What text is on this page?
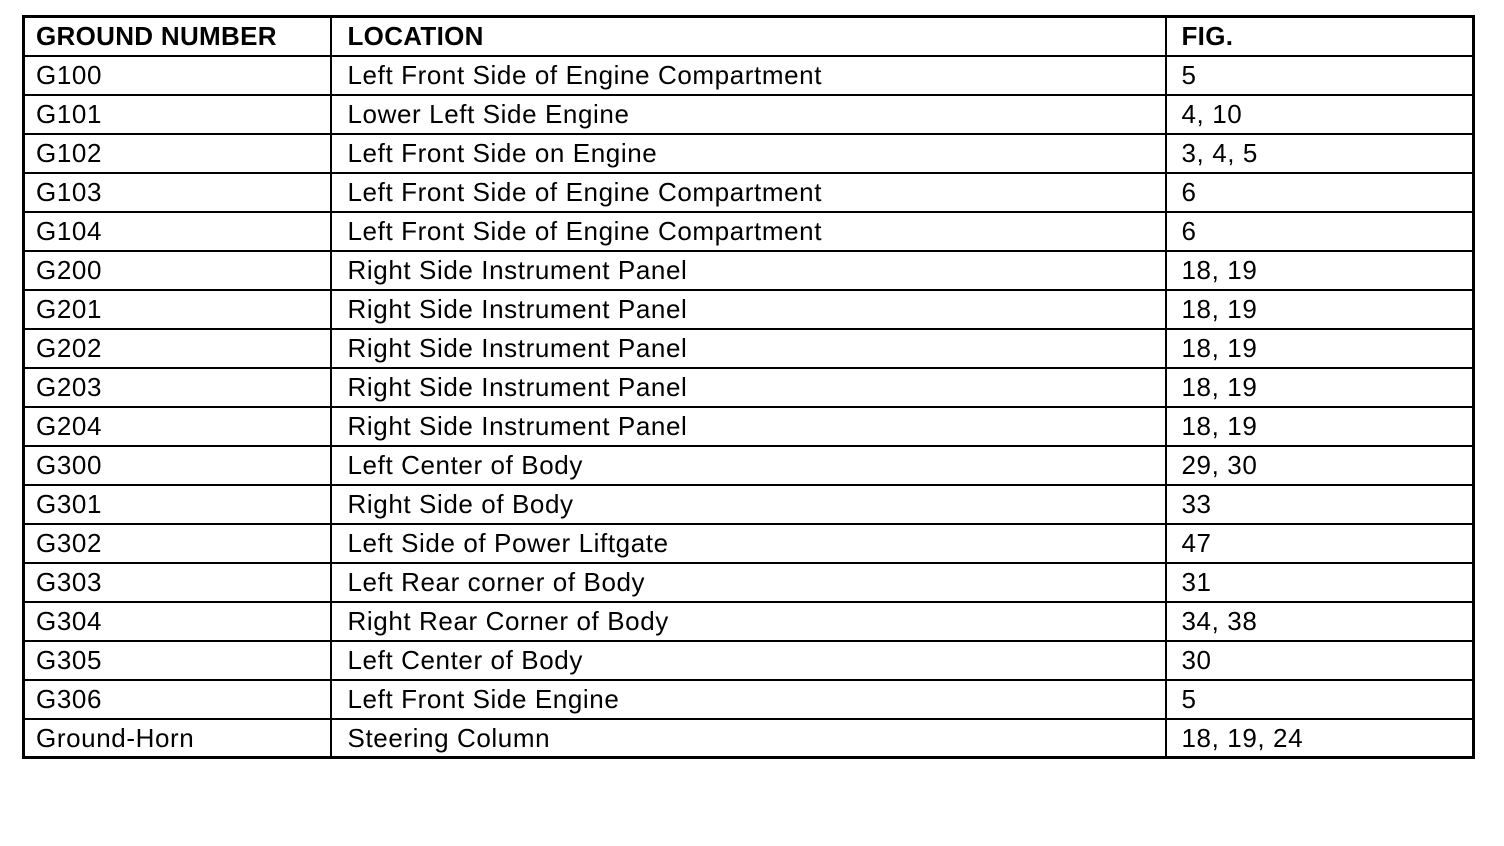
GROUND NUMBER	LOCATION	FIG.
G100	Left Front Side of Engine Compartment	5
G101	Lower Left Side Engine	4, 10
G102	Left Front Side on Engine	3, 4, 5
G103	Left Front Side of Engine Compartment	6
G104	Left Front Side of Engine Compartment	6
G200	Right Side Instrument Panel	18, 19
G201	Right Side Instrument Panel	18, 19
G202	Right Side Instrument Panel	18, 19
G203	Right Side Instrument Panel	18, 19
G204	Right Side Instrument Panel	18, 19
G300	Left Center of Body	29, 30
G301	Right Side of Body	33
G302	Left Side of Power Liftgate	47
G303	Left Rear corner of Body	31
G304	Right Rear Corner of Body	34, 38
G305	Left Center of Body	30
G306	Left Front Side Engine	5
Ground-Horn	Steering Column	18, 19, 24
